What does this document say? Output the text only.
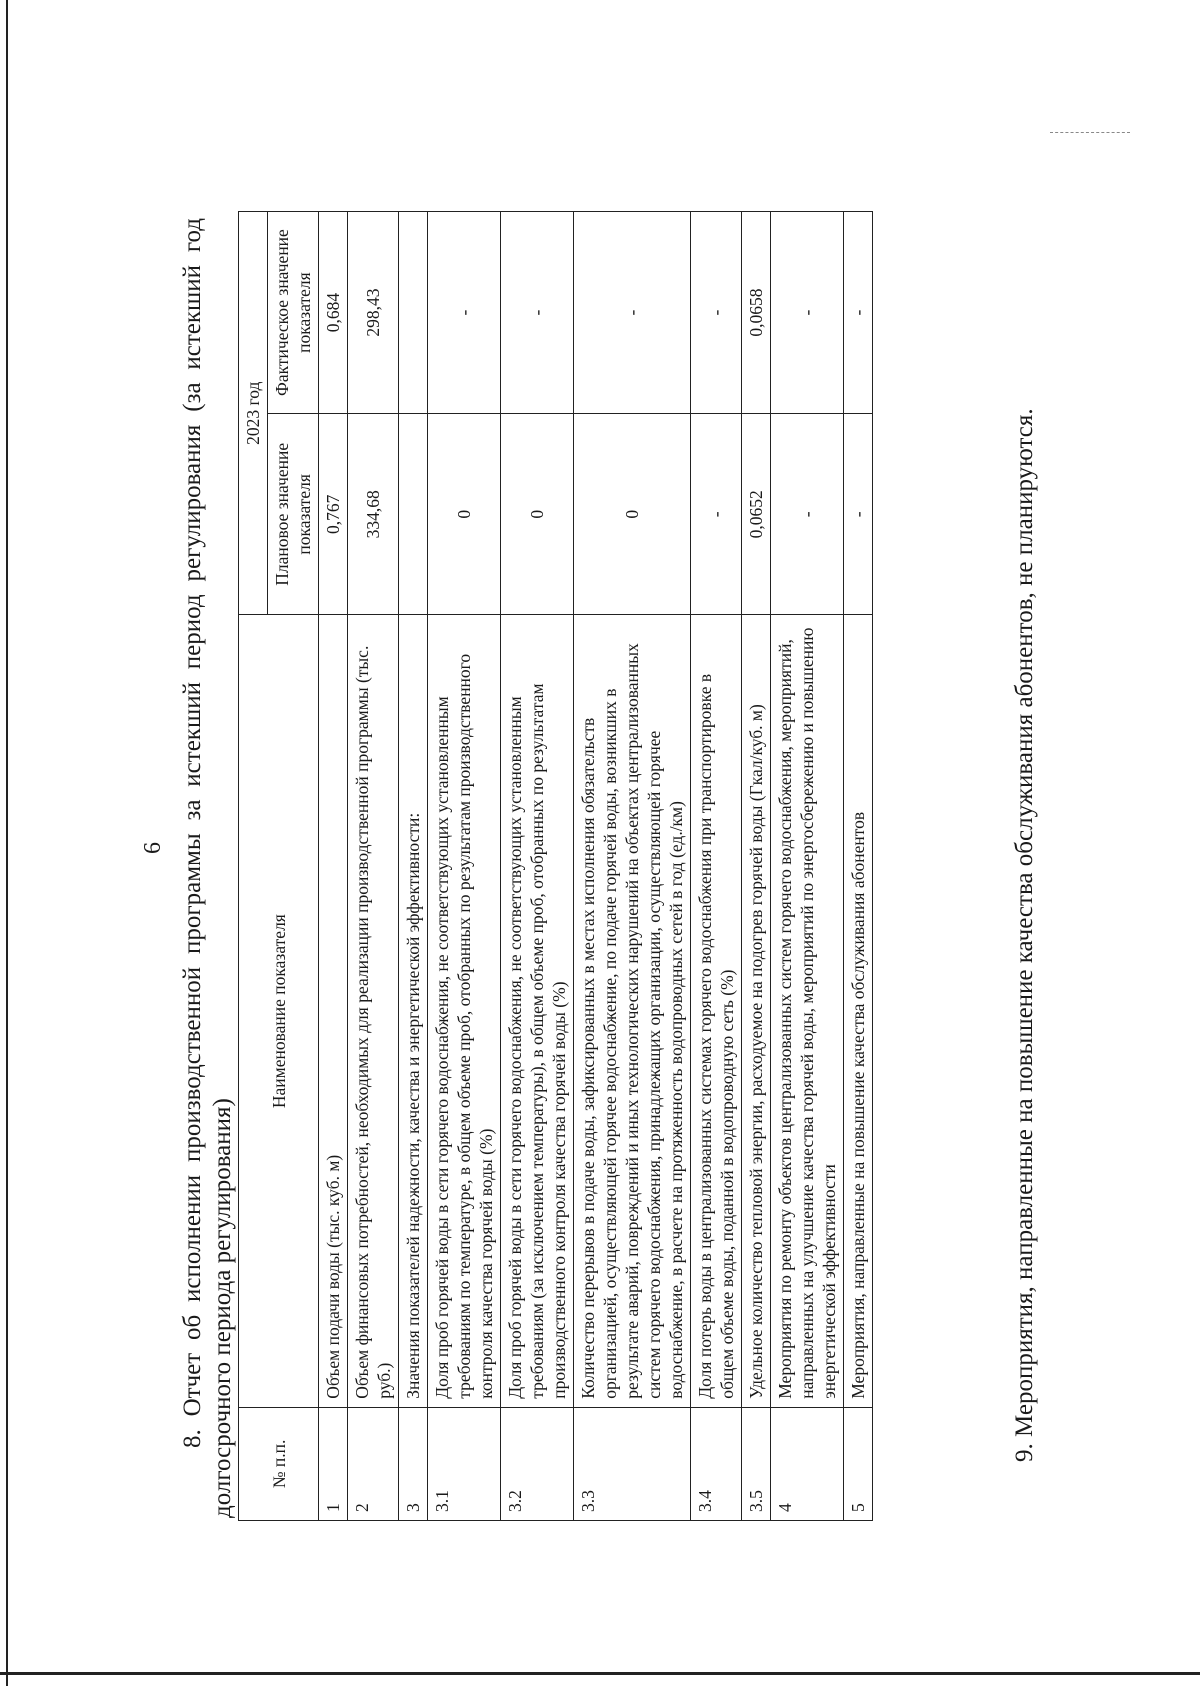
6 8. Отчет об исполнении производственной программы за истекший период регулирования (за истекший год долгосрочного периода регулирования) № п.п.	Наименование показателя	2023 год	
		Плановое значение показателя	Фактическое значение показателя
1	Объем подачи воды (тыс. куб. м)	0,767	0,684
2	Объем финансовых потребностей, необходимых для реализации производственной программы (тыс. руб.)	334,68	298,43
3	Значения показателей надежности, качества и энергетической эффективности:		
3.1	Доля проб горячей воды в сети горячего водоснабжения, не соответствующих установленным требованиям по температуре, в общем объеме проб, отобранных по результатам производственного контроля качества горячей воды (%)	0	-
3.2	Доля проб горячей воды в сети горячего водоснабжения, не соответствующих установленным требованиям (за исключением температуры), в общем объеме проб, отобранных по результатам производственного контроля качества горячей воды (%)	0	-
3.3	Количество перерывов в подаче воды, зафиксированных в местах исполнения обязательств организацией, осуществляющей горячее водоснабжение, по подаче горячей воды, возникших в результате аварий, повреждений и иных технологических нарушений на объектах централизованных систем горячего водоснабжения, принадлежащих организации, осуществляющей горячее водоснабжение, в расчете на протяженность водопроводных сетей в год (ед./км)	0	-
3.4	Доля потерь воды в централизованных системах горячего водоснабжения при транспортировке в общем объеме воды, поданной в водопроводную сеть (%)	-	-
3.5	Удельное количество тепловой энергии, расходуемое на подогрев горячей воды (Гкал/куб. м)	0,0652	0,0658
4	Мероприятия по ремонту объектов централизованных систем горячего водоснабжения, мероприятий, направленных на улучшение качества горячей воды, мероприятий по энергосбережению и повышению энергетической эффективности	-	-
5	Мероприятия, направленные на повышение качества обслуживания абонентов	-	-

9. Мероприятия, направленные на повышение качества обслуживания абонентов, не планируются.
